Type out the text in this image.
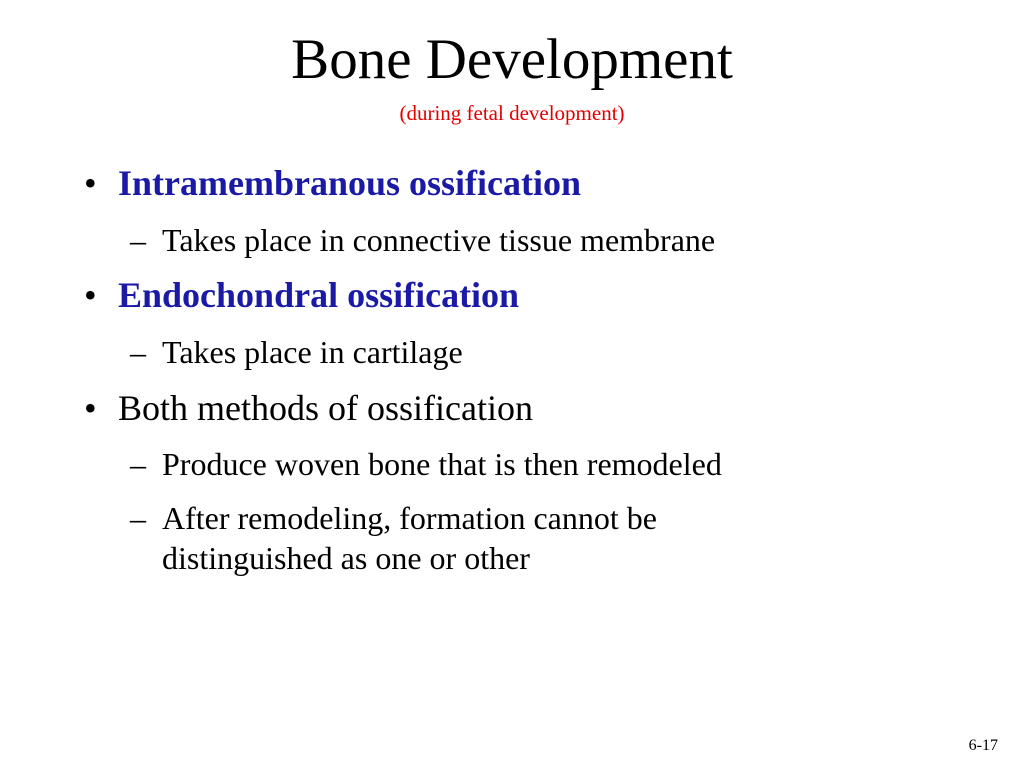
Bone Development
(during fetal development)
• Intramembranous ossification
– Takes place in connective tissue membrane
• Endochondral ossification
– Takes place in cartilage
• Both methods of ossification
– Produce woven bone that is then remodeled
– After remodeling, formation cannot be distinguished as one or other
6-17
